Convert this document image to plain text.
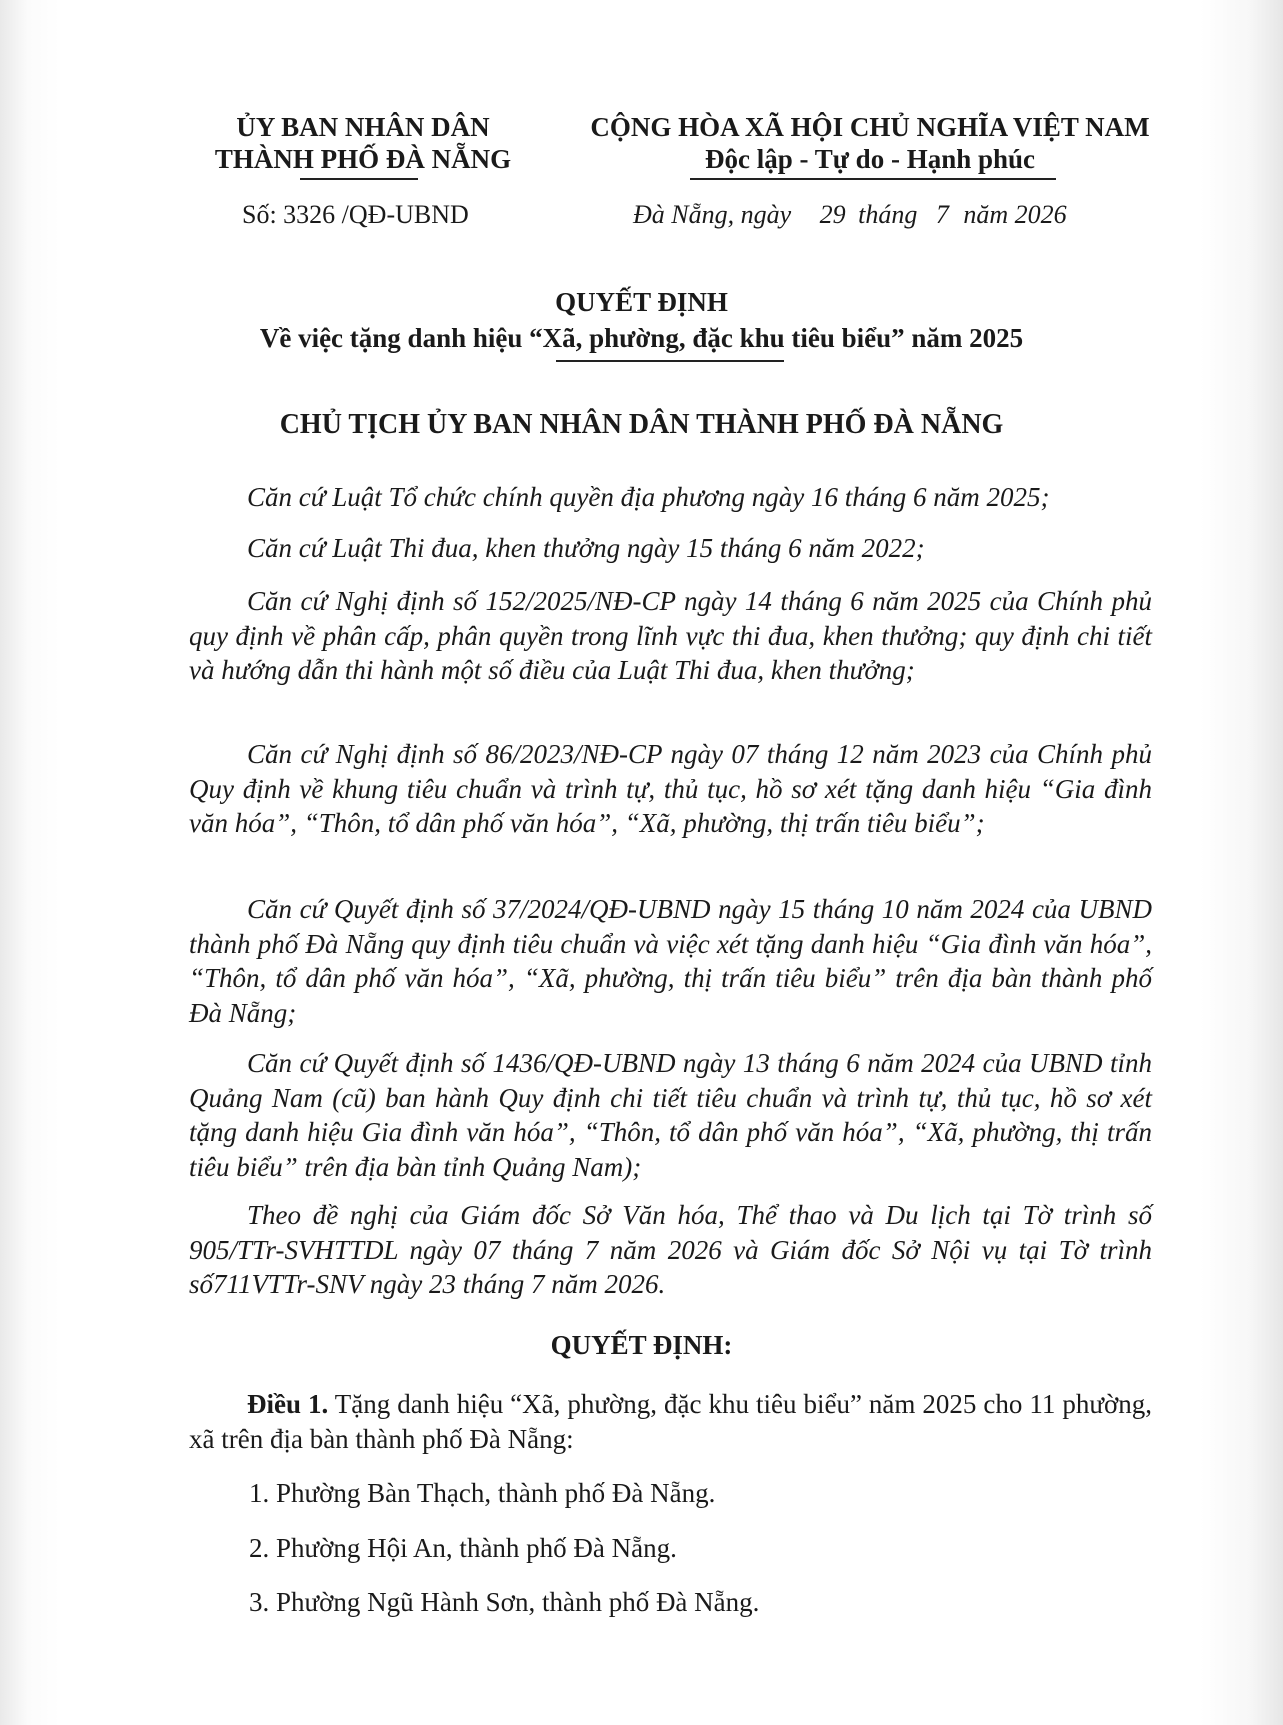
ỦY BAN NHÂN DÂN
THÀNH PHỐ ĐÀ NẴNG
Số: 3326 /QĐ-UBND
CỘNG HÒA XÃ HỘI CHỦ NGHĨA VIỆT NAM
Độc lập - Tự do - Hạnh phúc
Đà Nẵng, ngày 29 tháng 7 năm 2026
QUYẾT ĐỊNH
Về việc tặng danh hiệu “Xã, phường, đặc khu tiêu biểu” năm 2025
CHỦ TỊCH ỦY BAN NHÂN DÂN THÀNH PHỐ ĐÀ NẴNG
Căn cứ Luật Tổ chức chính quyền địa phương ngày 16 tháng 6 năm 2025;
Căn cứ Luật Thi đua, khen thưởng ngày 15 tháng 6 năm 2022;
Căn cứ Nghị định số 152/2025/NĐ-CP ngày 14 tháng 6 năm 2025 của Chính phủ quy định về phân cấp, phân quyền trong lĩnh vực thi đua, khen thưởng; quy định chi tiết và hướng dẫn thi hành một số điều của Luật Thi đua, khen thưởng;
Căn cứ Nghị định số 86/2023/NĐ-CP ngày 07 tháng 12 năm 2023 của Chính phủ Quy định về khung tiêu chuẩn và trình tự, thủ tục, hồ sơ xét tặng danh hiệu “Gia đình văn hóa”, “Thôn, tổ dân phố văn hóa”, “Xã, phường, thị trấn tiêu biểu”;
Căn cứ Quyết định số 37/2024/QĐ-UBND ngày 15 tháng 10 năm 2024 của UBND thành phố Đà Nẵng quy định tiêu chuẩn và việc xét tặng danh hiệu “Gia đình văn hóa”, “Thôn, tổ dân phố văn hóa”, “Xã, phường, thị trấn tiêu biểu” trên địa bàn thành phố Đà Nẵng;
Căn cứ Quyết định số 1436/QĐ-UBND ngày 13 tháng 6 năm 2024 của UBND tỉnh Quảng Nam (cũ) ban hành Quy định chi tiết tiêu chuẩn và trình tự, thủ tục, hồ sơ xét tặng danh hiệu Gia đình văn hóa”, “Thôn, tổ dân phố văn hóa”, “Xã, phường, thị trấn tiêu biểu” trên địa bàn tỉnh Quảng Nam);
Theo đề nghị của Giám đốc Sở Văn hóa, Thể thao và Du lịch tại Tờ trình số 905/TTr-SVHTTDL ngày 07 tháng 7 năm 2026 và Giám đốc Sở Nội vụ tại Tờ trình số711VTTr-SNV ngày 23 tháng 7 năm 2026.
QUYẾT ĐỊNH:
Điều 1. Tặng danh hiệu “Xã, phường, đặc khu tiêu biểu” năm 2025 cho 11 phường, xã trên địa bàn thành phố Đà Nẵng:
1. Phường Bàn Thạch, thành phố Đà Nẵng.
2. Phường Hội An, thành phố Đà Nẵng.
3. Phường Ngũ Hành Sơn, thành phố Đà Nẵng.
